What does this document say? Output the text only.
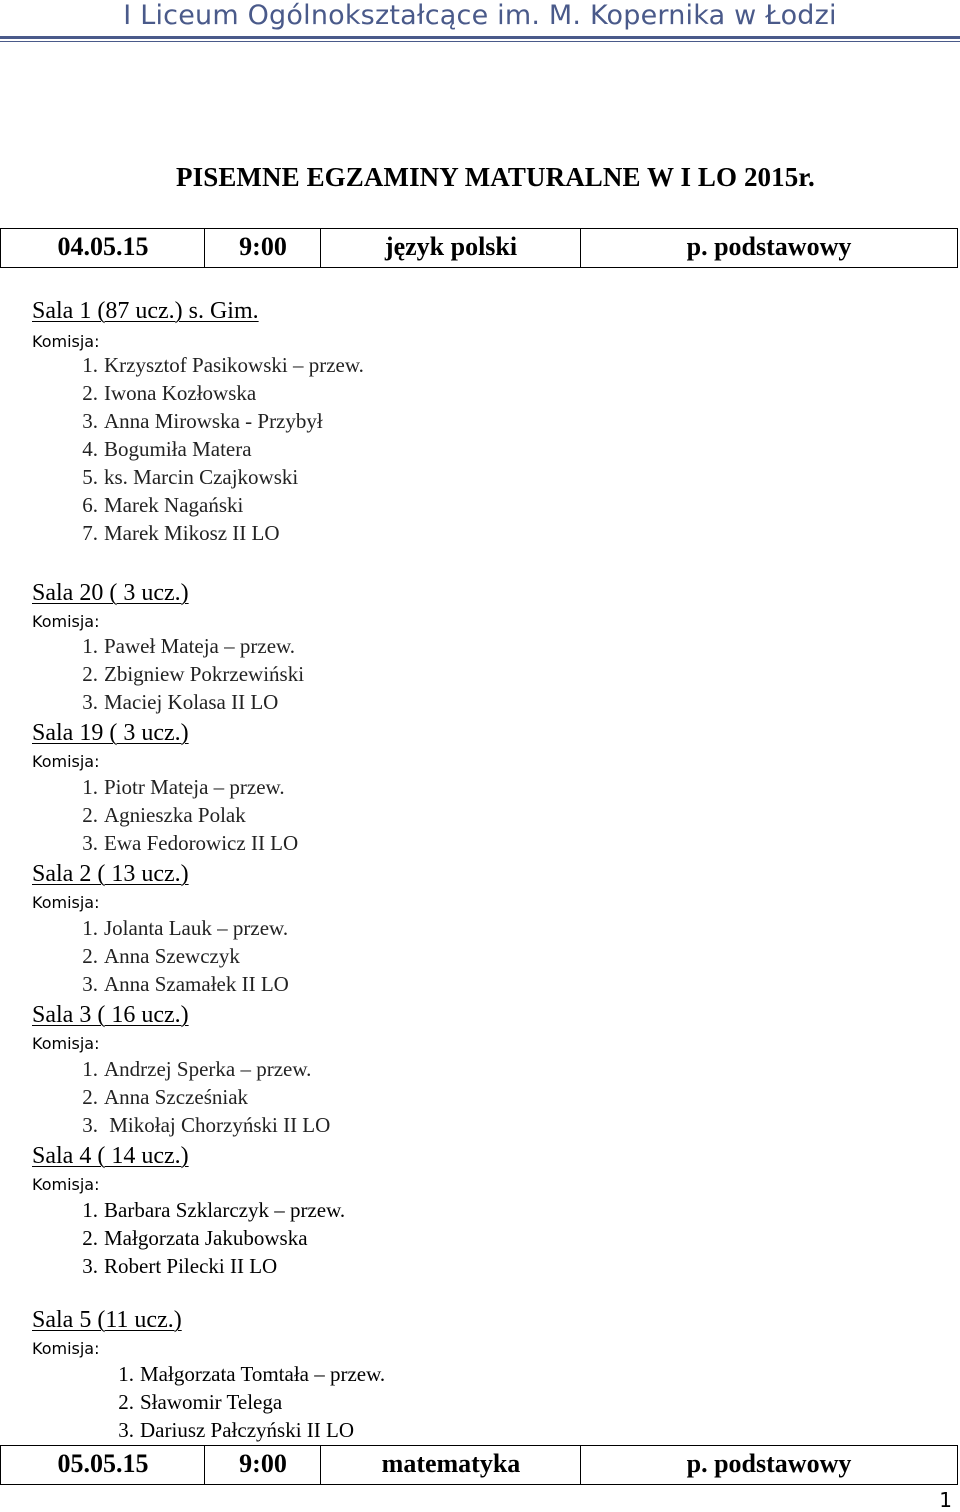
I Liceum Ogólnokształcące im. M. Kopernika w Łodzi
PISEMNE EGZAMINY MATURALNE W I LO 2015r.
04.05.15	9:00	język polski	p. podstawowy
Sala 1 (87 ucz.) s. Gim.
Komisja:
1. Krzysztof Pasikowski – przew.
2. Iwona Kozłowska
3. Anna Mirowska - Przybył
4. Bogumiła Matera
5. ks. Marcin Czajkowski
6. Marek Nagański
7. Marek Mikosz II LO
Sala 20 ( 3 ucz.)
Komisja:
1. Paweł Mateja – przew.
2. Zbigniew Pokrzewiński
3. Maciej Kolasa II LO
Sala 19 ( 3 ucz.)
Komisja:
1. Piotr Mateja – przew.
2. Agnieszka Polak
3. Ewa Fedorowicz II LO
Sala 2 ( 13 ucz.)
Komisja:
1. Jolanta Lauk – przew.
2. Anna Szewczyk
3. Anna Szamałek II LO
Sala 3 ( 16 ucz.)
Komisja:
1. Andrzej Sperka – przew.
2. Anna Szcześniak
3. Mikołaj Chorzyński II LO
Sala 4 ( 14 ucz.)
Komisja:
1. Barbara Szklarczyk – przew.
2. Małgorzata Jakubowska
3. Robert Pilecki II LO
Sala 5 (11 ucz.)
Komisja:
1. Małgorzata Tomtała – przew.
2. Sławomir Telega
3. Dariusz Pałczyński II LO
05.05.15	9:00	matematyka	p. podstawowy
1
